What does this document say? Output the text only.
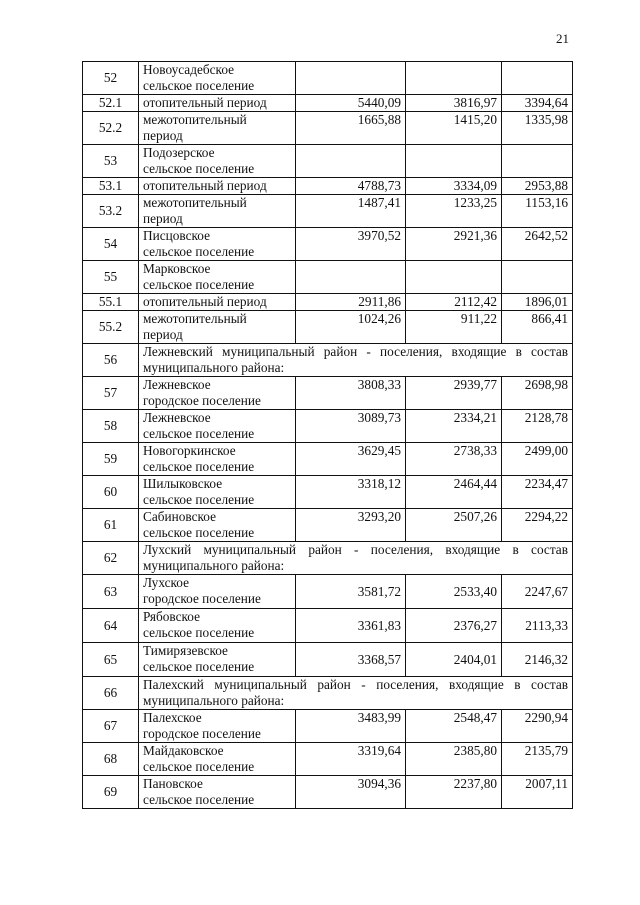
21
52	Новоусадебское
сельское поселение			

52.1	отопительный период	5440,09	3816,97	3394,64
52.2	межотопительный
период	1665,88	1415,20	1335,98
53	Подозерское
сельское поселение			

53.1	отопительный период	4788,73	3334,09	2953,88
53.2	межотопительный
период	1487,41	1233,25	1153,16
54	Писцовское
сельское поселение	3970,52	2921,36	2642,52
55	Марковское
сельское поселение			

55.1	отопительный период	2911,86	2112,42	1896,01
55.2	межотопительный
период	1024,26	911,22	866,41
56	Лежневский муниципальный район - поселения, входящие в состав муниципального района:			
57	Лежневское
городское поселение	3808,33	2939,77	2698,98
58	Лежневское
сельское поселение	3089,73	2334,21	2128,78
59	Новогоркинское
сельское поселение	3629,45	2738,33	2499,00
60	Шилыковское
сельское поселение	3318,12	2464,44	2234,47
61	Сабиновское
сельское поселение	3293,20	2507,26	2294,22
62	Лухский муниципальный район - поселения, входящие в состав муниципального района:			
63	Лухское
городское поселение	3581,72	2533,40	2247,67
64	Рябовское
сельское поселение	3361,83	2376,27	2113,33
65	Тимирязевское
сельское поселение	3368,57	2404,01	2146,32
66	Палехский муниципальный район - поселения, входящие в состав муниципального района:			
67	Палехское
городское поселение	3483,99	2548,47	2290,94
68	Майдаковское
сельское поселение	3319,64	2385,80	2135,79
69	Пановское
сельское поселение	3094,36	2237,80	2007,11
